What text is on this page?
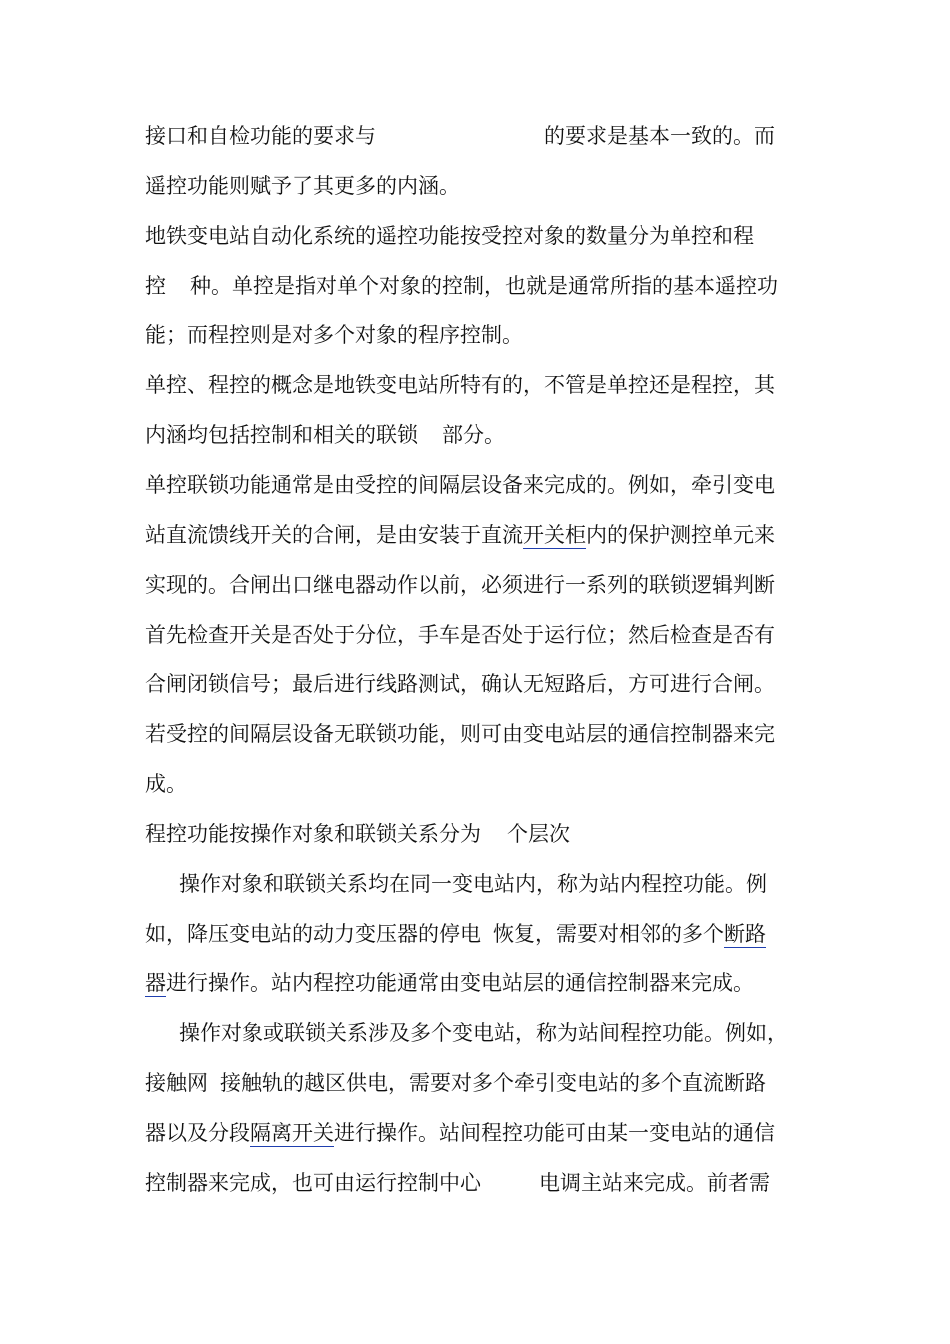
接口和自检功能的要求与	的要求是基本一致的。而
遥控功能则赋予了其更多的内涵。
地铁变电站自动化系统的遥控功能按受控对象的数量分为单控和程
控 种。单控是指对单个对象的控制，也就是通常所指的基本遥控功
能；而程控则是对多个对象的程序控制。
单控、程控的概念是地铁变电站所特有的，不管是单控还是程控，其
内涵均包括控制和相关的联锁 部分。
单控联锁功能通常是由受控的间隔层设备来完成的。例如，牵引变电
站直流馈线开关的合闸，是由安装于直流开关柜内的保护测控单元来
实现的。合闸出口继电器动作以前，必须进行一系列的联锁逻辑判断
首先检查开关是否处于分位，手车是否处于运行位；然后检查是否有
合闸闭锁信号；最后进行线路测试，确认无短路后，方可进行合闸。
若受控的间隔层设备无联锁功能，则可由变电站层的通信控制器来完
成。
程控功能按操作对象和联锁关系分为 个层次
操作对象和联锁关系均在同一变电站内，称为站内程控功能。例
如，降压变电站的动力变压器的停电 恢复，需要对相邻的多个断路
器进行操作。站内程控功能通常由变电站层的通信控制器来完成。
操作对象或联锁关系涉及多个变电站，称为站间程控功能。例如，
接触网 接触轨的越区供电，需要对多个牵引变电站的多个直流断路
器以及分段隔离开关进行操作。站间程控功能可由某一变电站的通信
控制器来完成，也可由运行控制中心	电调主站来完成。前者需
